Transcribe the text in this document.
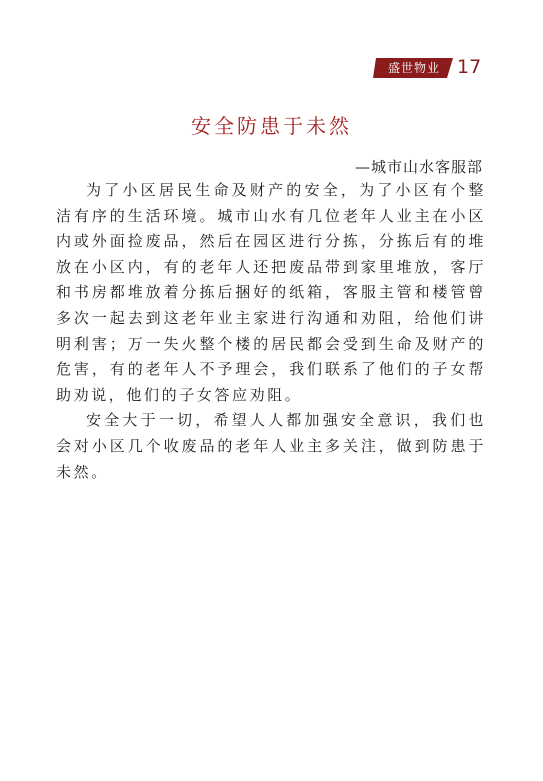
盛世物业 17
安全防患于未然
—城市山水客服部

为了小区居民生命及财产的安全，为了小区有个整洁有序的生活环境。城市山水有几位老年人业主在小区内或外面捡废品，然后在园区进行分拣，分拣后有的堆放在小区内，有的老年人还把废品带到家里堆放，客厅和书房都堆放着分拣后捆好的纸箱，客服主管和楼管曾多次一起去到这老年业主家进行沟通和劝阻，给他们讲明利害；万一失火整个楼的居民都会受到生命及财产的危害，有的老年人不予理会，我们联系了他们的子女帮助劝说，他们的子女答应劝阻。

安全大于一切，希望人人都加强安全意识，我们也会对小区几个收废品的老年人业主多关注，做到防患于未然。
